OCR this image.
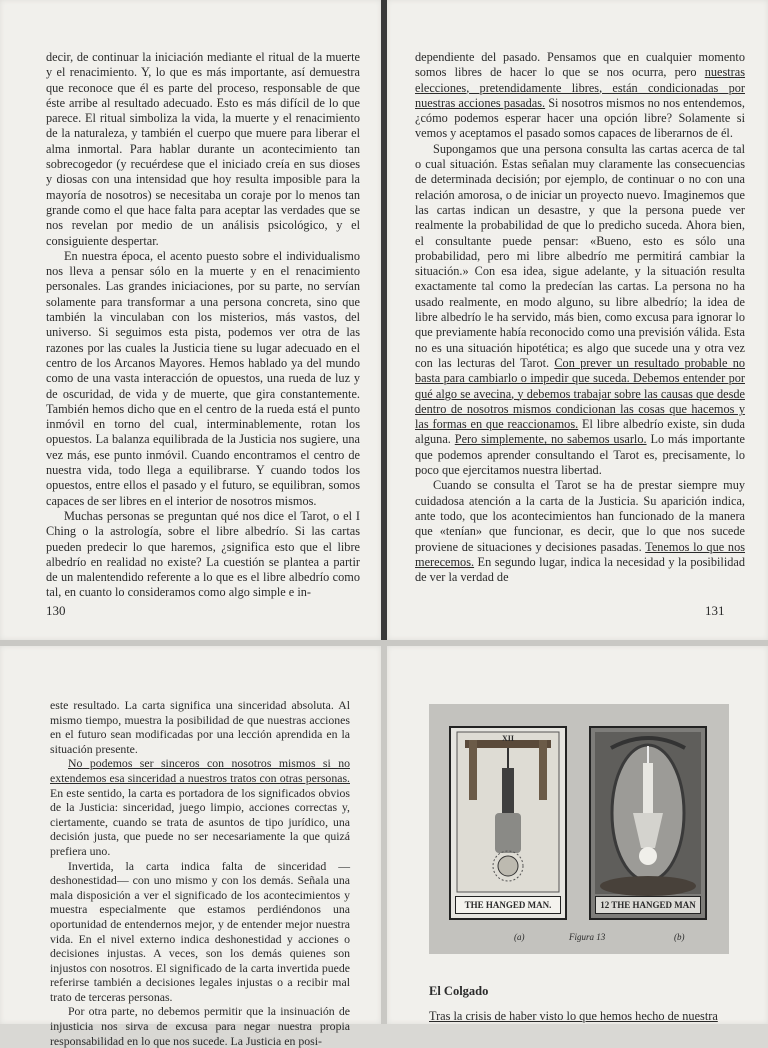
decir, de continuar la iniciación mediante el ritual de la muerte y el renacimiento. Y, lo que es más importante, así demuestra que reconoce que él es parte del proceso, responsable de que éste arribe al resultado adecuado. Esto es más difícil de lo que parece. El ritual simboliza la vida, la muerte y el renacimiento de la naturaleza, y también el cuerpo que muere para liberar el alma inmortal. Para hablar durante un acontecimiento tan sobrecogedor (y recuérdese que el iniciado creía en sus dioses y diosas con una intensidad que hoy resulta imposible para la mayoría de nosotros) se necesitaba un coraje por lo menos tan grande como el que hace falta para aceptar las verdades que se nos revelan por medio de un análisis psicológico, y el consiguiente despertar.

En nuestra época, el acento puesto sobre el individualismo nos lleva a pensar sólo en la muerte y en el renacimiento personales. Las grandes iniciaciones, por su parte, no servían solamente para transformar a una persona concreta, sino que también la vinculaban con los misterios, más vastos, del universo. Si seguimos esta pista, podemos ver otra de las razones por las cuales la Justicia tiene su lugar adecuado en el centro de los Arcanos Mayores. Hemos hablado ya del mundo como de una vasta interacción de opuestos, una rueda de luz y de oscuridad, de vida y de muerte, que gira constantemente. También hemos dicho que en el centro de la rueda está el punto inmóvil en torno del cual, interminablemente, rotan los opuestos. La balanza equilibrada de la Justicia nos sugiere, una vez más, ese punto inmóvil. Cuando encontramos el centro de nuestra vida, todo llega a equilibrarse. Y cuando todos los opuestos, entre ellos el pasado y el futuro, se equilibran, somos capaces de ser libres en el interior de nosotros mismos.

Muchas personas se preguntan qué nos dice el Tarot, o el I Ching o la astrología, sobre el libre albedrío. Si las cartas pueden predecir lo que haremos, ¿significa esto que el libre albedrío en realidad no existe? La cuestión se plantea a partir de un malentendido referente a lo que es el libre albedrío como tal, en cuanto lo consideramos como algo simple e in-

130

dependiente del pasado. Pensamos que en cualquier momento somos libres de hacer lo que se nos ocurra, pero nuestras elecciones, pretendidamente libres, están condicionadas por nuestras acciones pasadas. Si nosotros mismos no nos entendemos, ¿cómo podemos esperar hacer una opción libre? Solamente si vemos y aceptamos el pasado somos capaces de liberarnos de él.

Supongamos que una persona consulta las cartas acerca de tal o cual situación. Estas señalan muy claramente las consecuencias de determinada decisión; por ejemplo, de continuar o no con una relación amorosa, o de iniciar un proyecto nuevo. Imaginemos que las cartas indican un desastre, y que la persona puede ver realmente la probabilidad de que lo predicho suceda. Ahora bien, el consultante puede pensar: «Bueno, esto es sólo una probabilidad, pero mi libre albedrío me permitirá cambiar la situación.» Con esa idea, sigue adelante, y la situación resulta exactamente tal como la predecían las cartas. La persona no ha usado realmente, en modo alguno, su libre albedrío; la idea de libre albedrío le ha servido, más bien, como excusa para ignorar lo que previamente había reconocido como una previsión válida. Esta no es una situación hipotética; es algo que sucede una y otra vez con las lecturas del Tarot. Con prever un resultado probable no basta para cambiarlo o impedir que suceda. Debemos entender por qué algo se avecina, y debemos trabajar sobre las causas que desde dentro de nosotros mismos condicionan las cosas que hacemos y las formas en que reaccionamos. El libre albedrío existe, sin duda alguna. Pero simplemente, no sabemos usarlo. Lo más importante que podemos aprender consultando el Tarot es, precisamente, lo poco que ejercitamos nuestra libertad.

Cuando se consulta el Tarot se ha de prestar siempre muy cuidadosa atención a la carta de la Justicia. Su aparición indica, ante todo, que los acontecimientos han funcionado de la manera que «tenían» que funcionar, es decir, que lo que nos sucede proviene de situaciones y decisiones pasadas. Tenemos lo que nos merecemos. En segundo lugar, indica la necesidad y la posibilidad de ver la verdad de

131

este resultado. La carta significa una sinceridad absoluta. Al mismo tiempo, muestra la posibilidad de que nuestras acciones en el futuro sean modificadas por una lección aprendida en la situación presente.

No podemos ser sinceros con nosotros mismos si no extendemos esa sinceridad a nuestros tratos con otras personas. En este sentido, la carta es portadora de los significados obvios de la Justicia: sinceridad, juego limpio, acciones correctas y, ciertamente, cuando se trata de asuntos de tipo jurídico, una decisión justa, que puede no ser necesariamente la que quizá prefiera uno.

Invertida, la carta indica falta de sinceridad —deshonestidad— con uno mismo y con los demás. Señala una mala disposición a ver el significado de los acontecimientos y muestra especialmente que estamos perdiéndonos una oportunidad de entendernos mejor, y de entender mejor nuestra vida. En el nivel externo indica deshonestidad y acciones o decisiones injustas. A veces, son los demás quienes son injustos con nosotros. El significado de la carta invertida puede referirse también a decisiones legales injustas o a recibir mal trato de terceras personas.

Por otra parte, no debemos permitir que la insinuación de injusticia nos sirva de excusa para negar nuestra propia responsabilidad en lo que nos sucede. La Justicia en posi-

XII
THE HANGED MAN.	12 THE HANGED MAN
(a)	Figura 13	(b)
El Colgado
Tras la crisis de haber visto lo que hemos hecho de nuestra
